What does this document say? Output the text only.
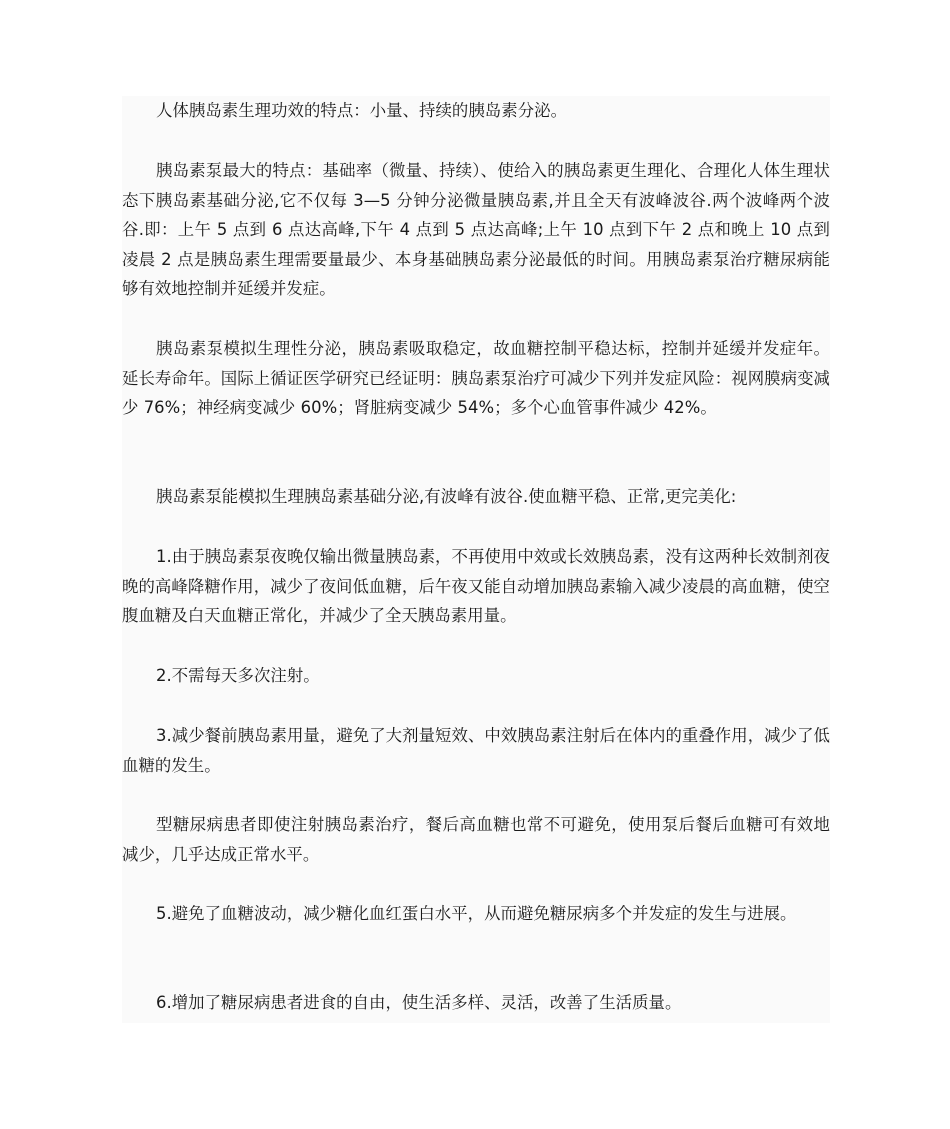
人体胰岛素生理功效的特点：小量、持续的胰岛素分泌。

胰岛素泵最大的特点：基础率（微量、持续）、使给入的胰岛素更生理化、合理化人体生理状态下胰岛素基础分泌,它不仅每 3—5 分钟分泌微量胰岛素,并且全天有波峰波谷.两个波峰两个波谷.即：上午 5 点到 6 点达高峰,下午 4 点到 5 点达高峰;上午 10 点到下午 2 点和晚上 10 点到凌晨 2 点是胰岛素生理需要量最少、本身基础胰岛素分泌最低的时间。用胰岛素泵治疗糖尿病能够有效地控制并延缓并发症。

胰岛素泵模拟生理性分泌，胰岛素吸取稳定，故血糖控制平稳达标，控制并延缓并发症年。延长寿命年。国际上循证医学研究已经证明：胰岛素泵治疗可减少下列并发症风险：视网膜病变减少 76%；神经病变减少 60%；肾脏病变减少 54%；多个心血管事件减少 42%。

胰岛素泵能模拟生理胰岛素基础分泌,有波峰有波谷.使血糖平稳、正常,更完美化:

1.由于胰岛素泵夜晚仅输出微量胰岛素，不再使用中效或长效胰岛素，没有这两种长效制剂夜晚的高峰降糖作用，减少了夜间低血糖，后午夜又能自动增加胰岛素输入减少凌晨的高血糖，使空腹血糖及白天血糖正常化，并减少了全天胰岛素用量。

2.不需每天多次注射。

3.减少餐前胰岛素用量，避免了大剂量短效、中效胰岛素注射后在体内的重叠作用，减少了低血糖的发生。

型糖尿病患者即使注射胰岛素治疗，餐后高血糖也常不可避免，使用泵后餐后血糖可有效地减少，几乎达成正常水平。

5.避免了血糖波动，减少糖化血红蛋白水平，从而避免糖尿病多个并发症的发生与进展。

6.增加了糖尿病患者进食的自由，使生活多样、灵活，改善了生活质量。
